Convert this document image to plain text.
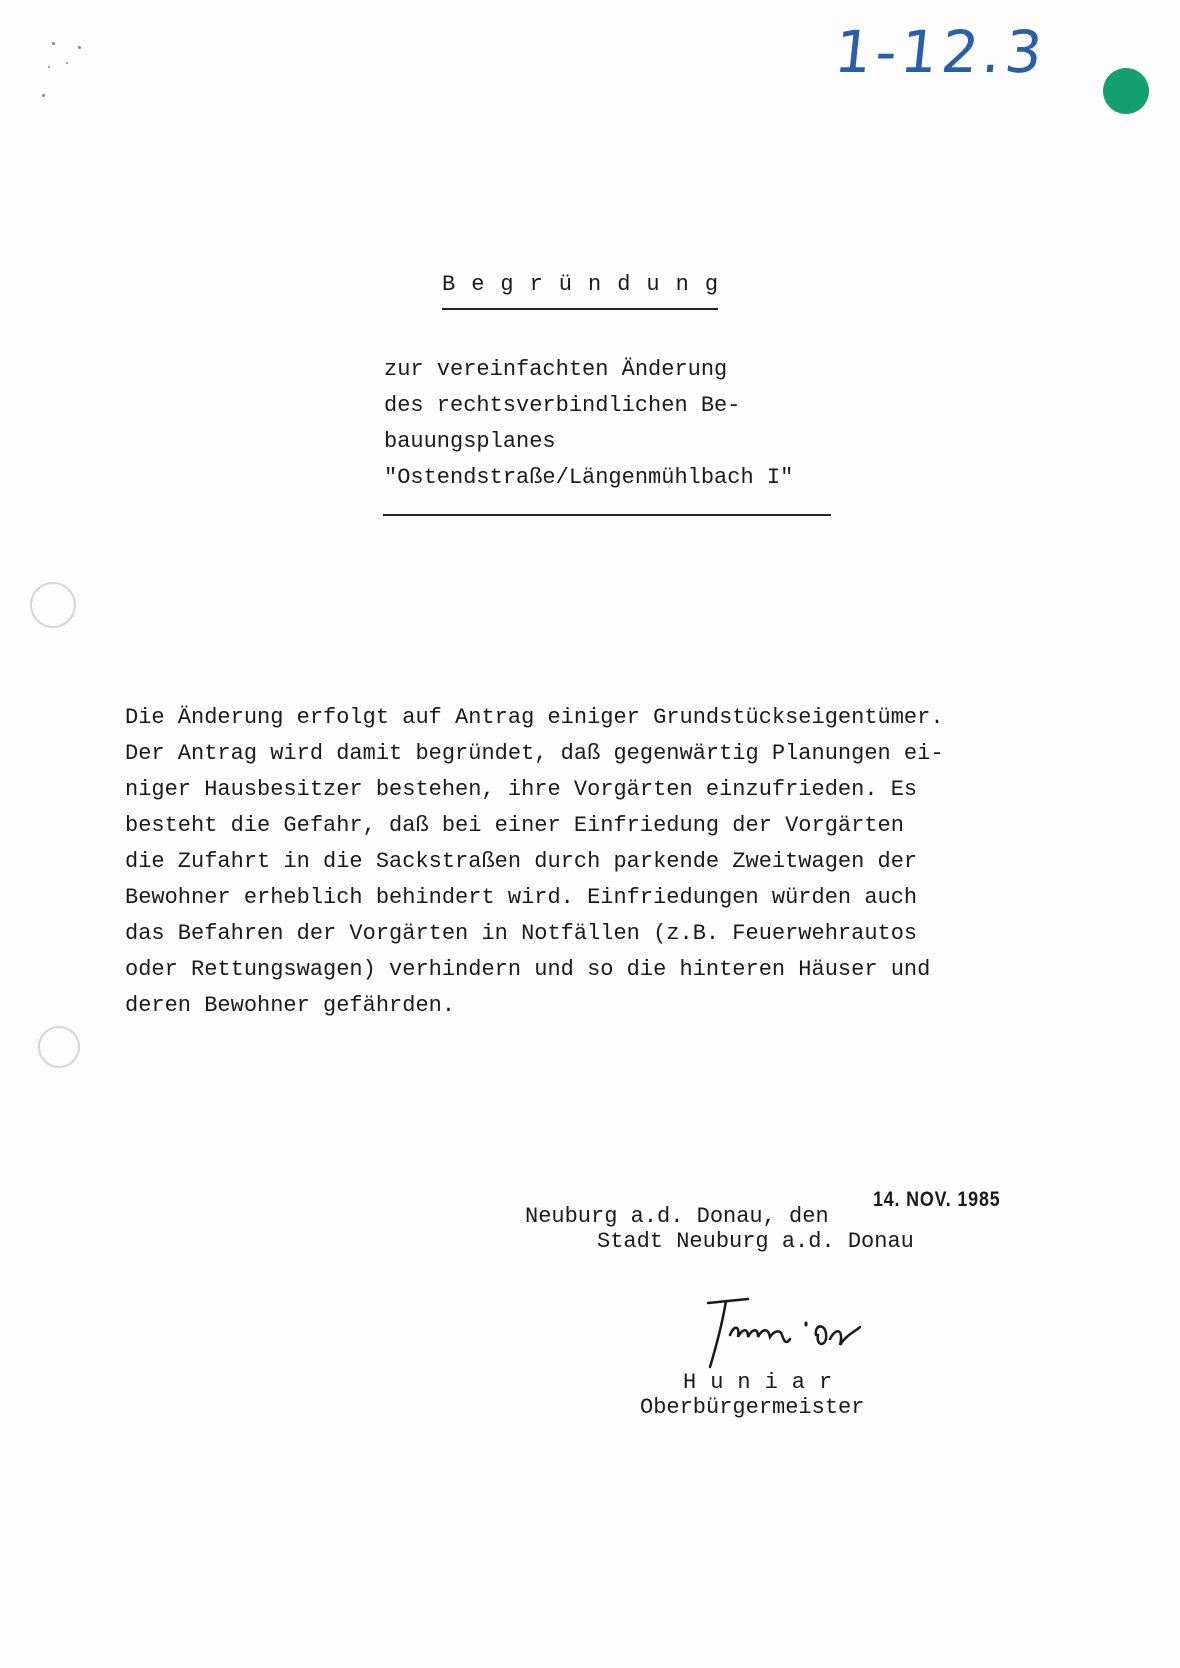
1-12.3
Begründung
zur vereinfachten Änderung
des rechtsverbindlichen Be-
bauungsplanes
"Ostendstraße/Längenmühlbach I"
Die Änderung erfolgt auf Antrag einiger Grundstückseigentümer.
Der Antrag wird damit begründet, daß gegenwärtig Planungen ei-
niger Hausbesitzer bestehen, ihre Vorgärten einzufrieden. Es
besteht die Gefahr, daß bei einer Einfriedung der Vorgärten
die Zufahrt in die Sackstraßen durch parkende Zweitwagen der
Bewohner erheblich behindert wird. Einfriedungen würden auch
das Befahren der Vorgärten in Notfällen (z.B. Feuerwehrautos
oder Rettungswagen) verhindern und so die hinteren Häuser und
deren Bewohner gefährden.
Neuburg a.d. Donau, den
14. NOV. 1985
Stadt Neuburg a.d. Donau
Huniar
Oberbürgermeister
